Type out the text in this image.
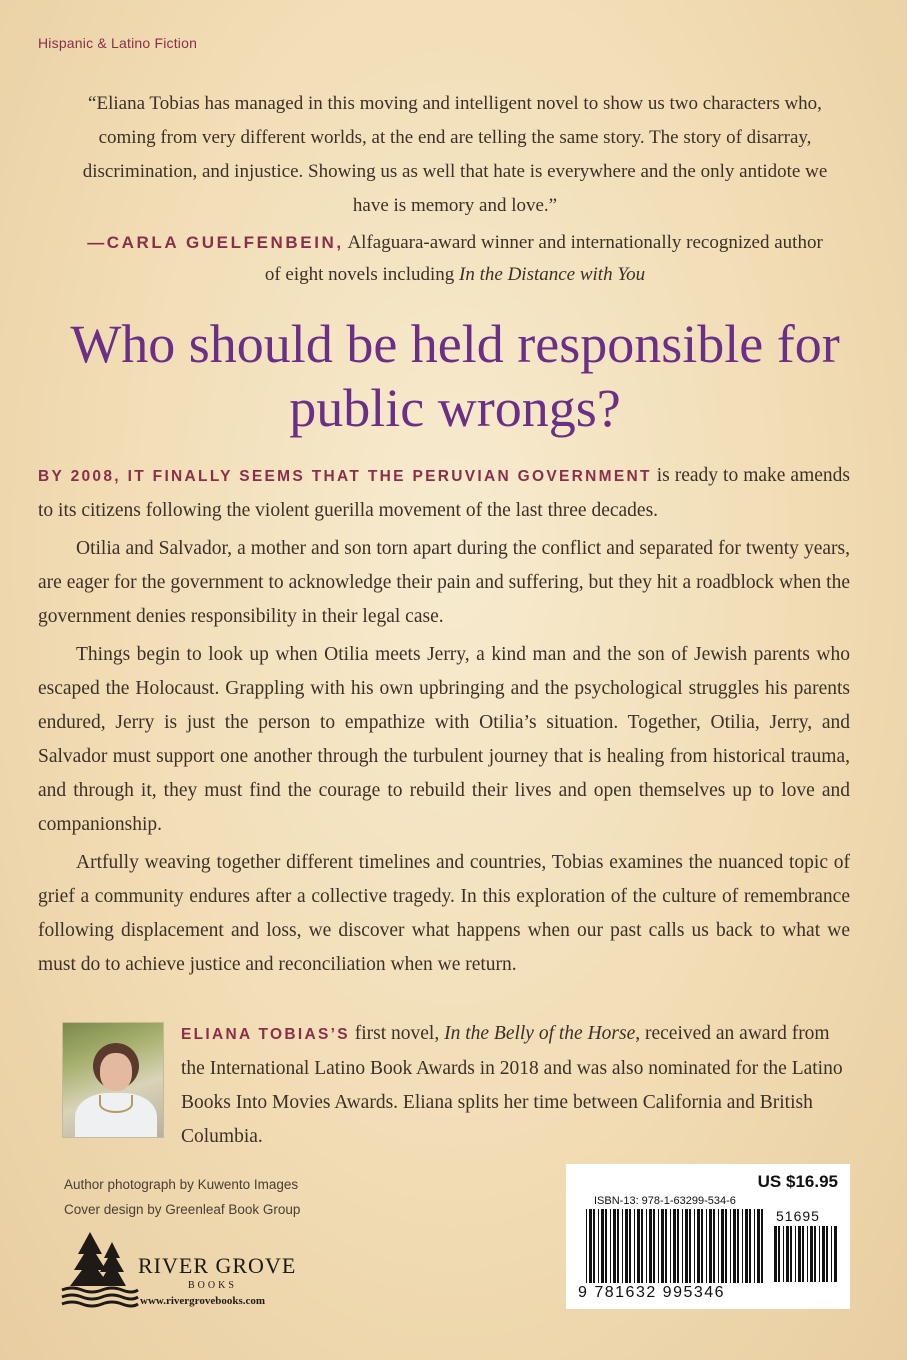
Hispanic & Latino Fiction
“Eliana Tobias has managed in this moving and intelligent novel to show us two characters who, coming from very different worlds, at the end are telling the same story. The story of disarray, discrimination, and injustice. Showing us as well that hate is everywhere and the only antidote we have is memory and love.”
—CARLA GUELFENBEIN, Alfaguara-award winner and internationally recognized author of eight novels including In the Distance with You
Who should be held responsible for public wrongs?

BY 2008, IT FINALLY SEEMS THAT THE PERUVIAN GOVERNMENT is ready to make amends to its citizens following the violent guerilla movement of the last three decades.

Otilia and Salvador, a mother and son torn apart during the conflict and separated for twenty years, are eager for the government to acknowledge their pain and suffering, but they hit a roadblock when the government denies responsibility in their legal case.

Things begin to look up when Otilia meets Jerry, a kind man and the son of Jewish parents who escaped the Holocaust. Grappling with his own upbringing and the psychological struggles his parents endured, Jerry is just the person to empathize with Otilia’s situation. Together, Otilia, Jerry, and Salvador must support one another through the turbulent journey that is healing from historical trauma, and through it, they must find the courage to rebuild their lives and open themselves up to love and companionship.

Artfully weaving together different timelines and countries, Tobias examines the nuanced topic of grief a community endures after a collective tragedy. In this exploration of the culture of remembrance following displacement and loss, we discover what happens when our past calls us back to what we must do to achieve justice and reconciliation when we return.

ELIANA TOBIAS’S first novel, In the Belly of the Horse, received an award from the International Latino Book Awards in 2018 and was also nominated for the Latino Books Into Movies Awards. Eliana splits her time between California and British Columbia.
Author photograph by Kuwento Images
Cover design by Greenleaf Book Group
RIVER GROVE
BOOKS
www.rivergrovebooks.com
US $16.95
ISBN-13: 978-1-63299-534-6
51695
9 781632 995346
